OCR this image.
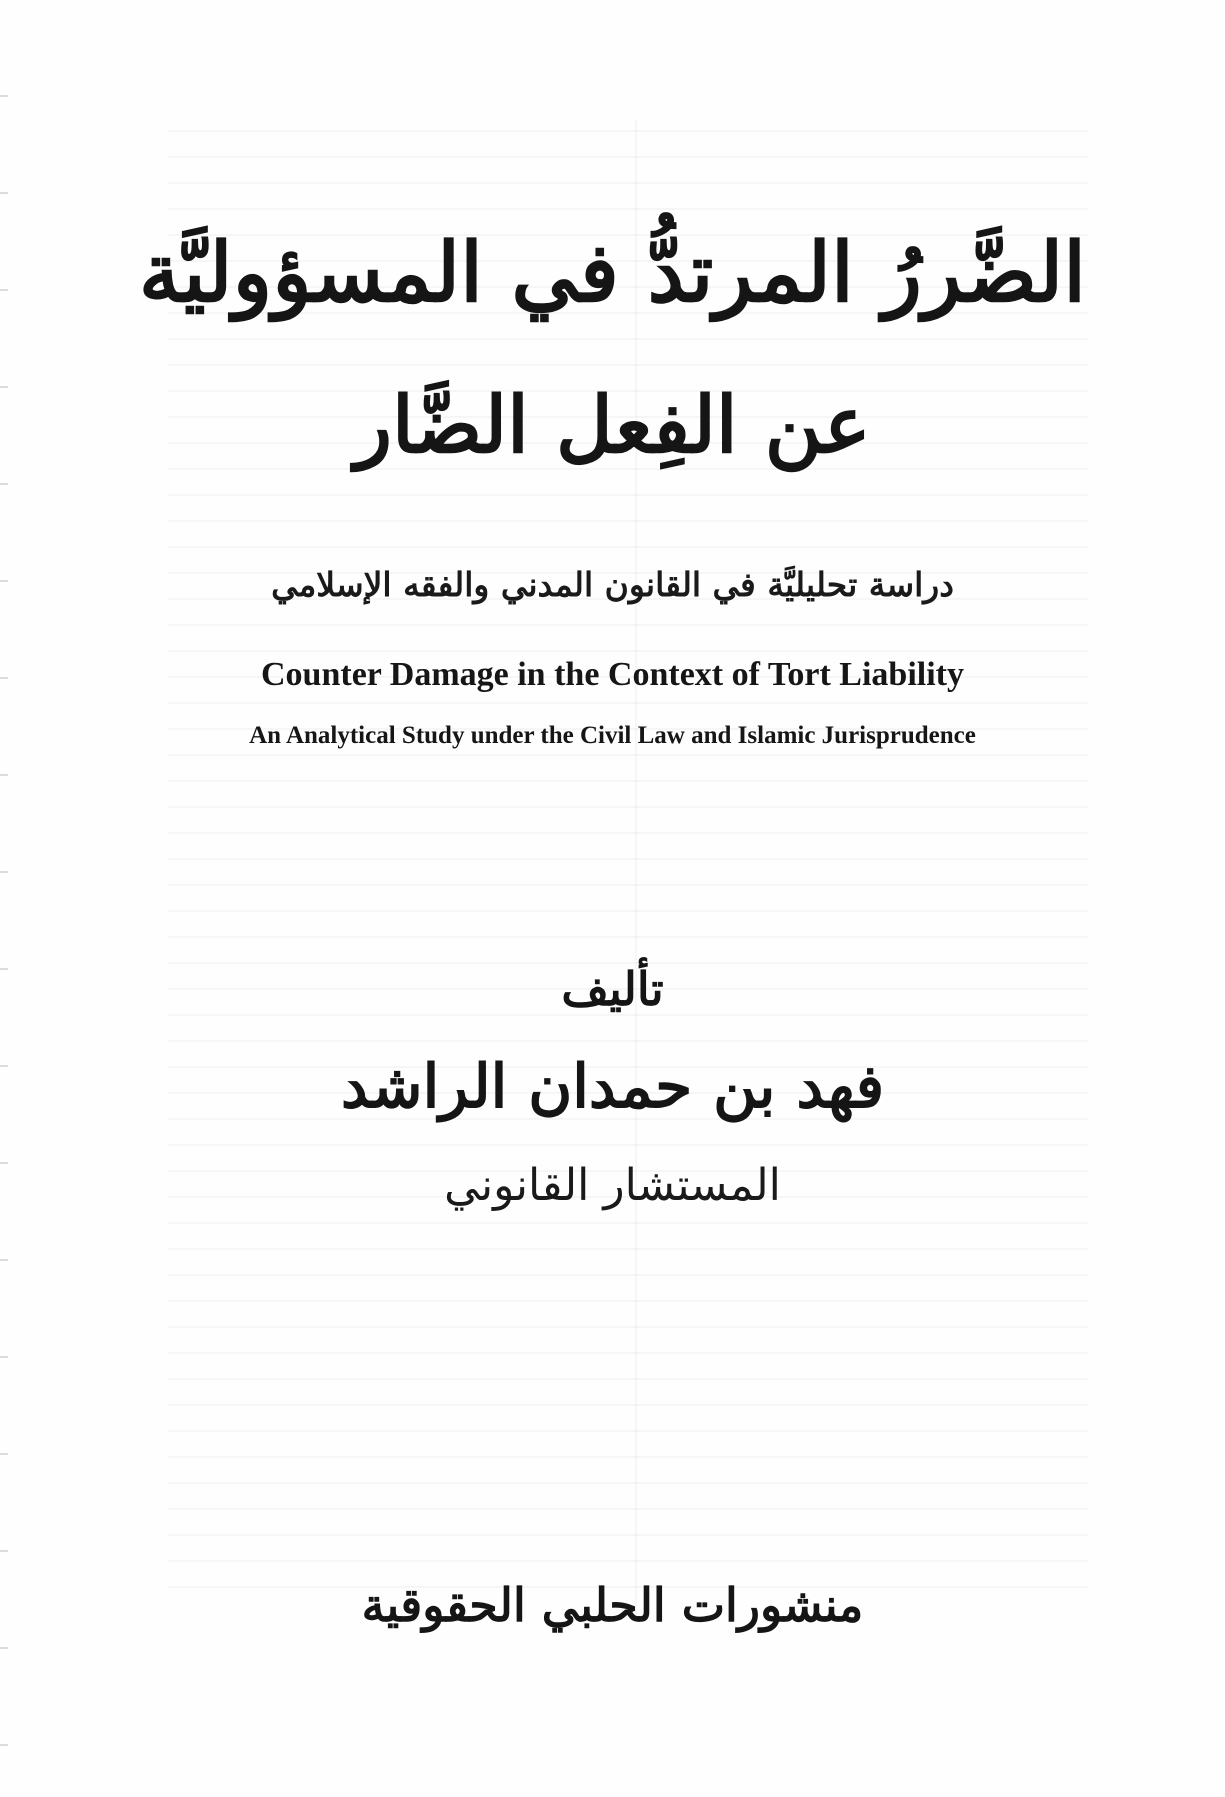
الضَّررُ المرتدُّ في المسؤوليَّة
عن الفِعل الضَّار
دراسة تحليليَّة في القانون المدني والفقه الإسلامي
Counter Damage in the Context of Tort Liability
An Analytical Study under the Civil Law and Islamic Jurisprudence
تأليف
فهد بن حمدان الراشد
المستشار القانوني
منشورات الحلبي الحقوقية
